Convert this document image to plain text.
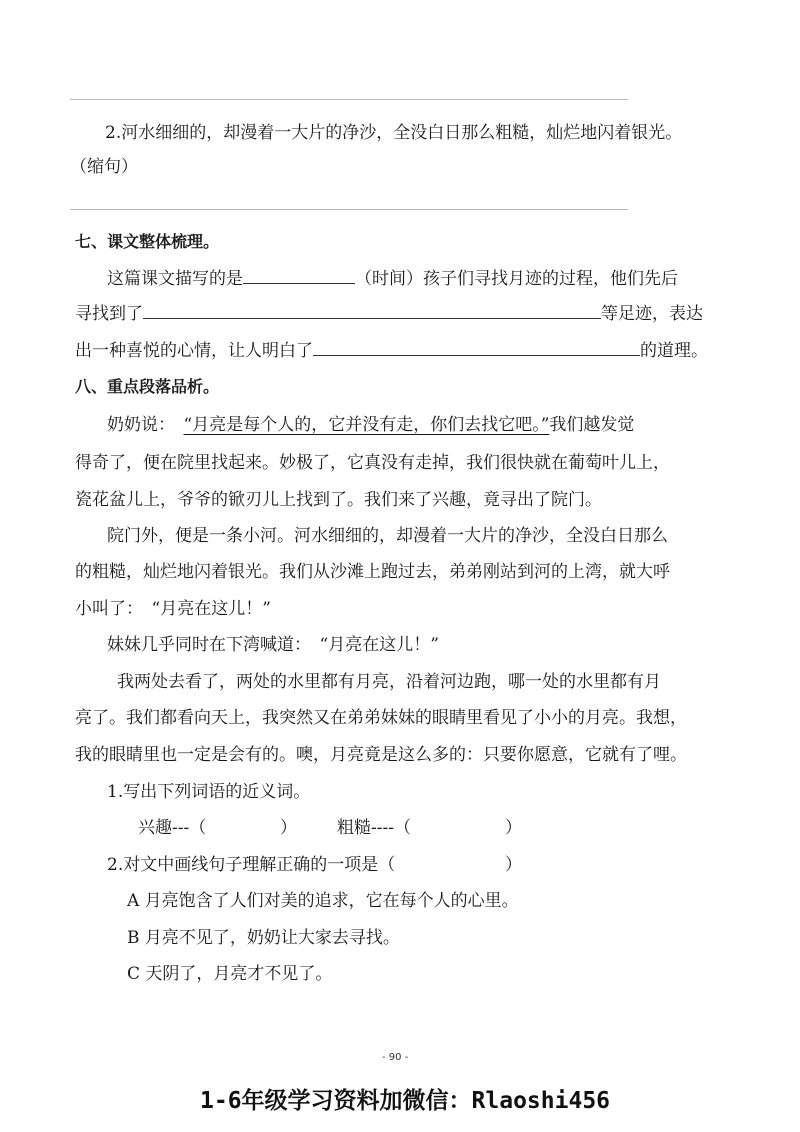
2.河水细细的，却漫着一大片的净沙，全没白日那么粗糙，灿烂地闪着银光。
（缩句）
七、课文整体梳理。
这篇课文描写的是	（时间）孩子们寻找月迹的过程，他们先后
寻找到了	等足迹，表达
出一种喜悦的心情，让人明白了	的道理。
八、重点段落品析。
奶奶说：　 “月亮是每个人的，它并没有走，你们去找它吧。”我们越发觉
得奇了，便在院里找起来。妙极了，它真没有走掉，我们很快就在葡萄叶儿上，
瓷花盆儿上，爷爷的锨刃儿上找到了。我们来了兴趣，竟寻出了院门。
院门外，便是一条小河。河水细细的，却漫着一大片的净沙，全没白日那么
的粗糙，灿烂地闪着银光。我们从沙滩上跑过去，弟弟刚站到河的上湾，就大呼
小叫了：　“月亮在这儿！”
妹妹几乎同时在下湾喊道：　“月亮在这儿！”
我两处去看了，两处的水里都有月亮，沿着河边跑，哪一处的水里都有月
亮了。我们都看向天上，我突然又在弟弟妹妹的眼睛里看见了小小的月亮。我想，
我的眼睛里也一定是会有的。噢，月亮竟是这么多的：只要你愿意，它就有了哩。
1.写出下列词语的近义词。
兴趣---（	） 粗糙----（	）
2.对文中画线句子理解正确的一项是（	）
A 月亮饱含了人们对美的追求，它在每个人的心里。
B 月亮不见了，奶奶让大家去寻找。
C 天阴了，月亮才不见了。
- 90 -
1-6年级学习资料加微信：Rlaoshi456
